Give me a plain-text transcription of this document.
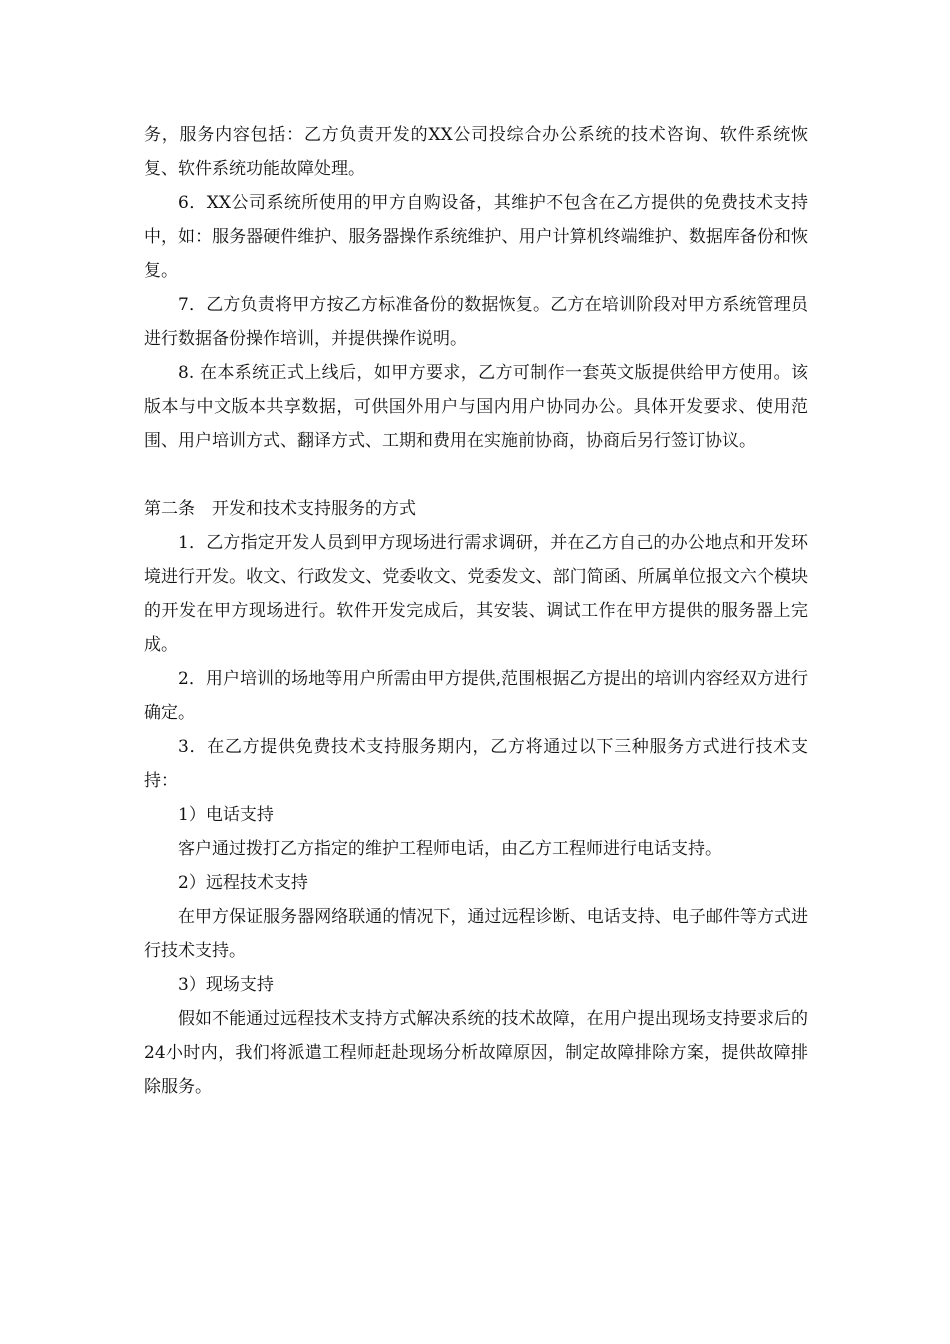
务，服务内容包括：乙方负责开发的XX公司投综合办公系统的技术咨询、软件系统恢复、软件系统功能故障处理。

6．XX公司系统所使用的甲方自购设备，其维护不包含在乙方提供的免费技术支持中，如：服务器硬件维护、服务器操作系统维护、用户计算机终端维护、数据库备份和恢复。

7．乙方负责将甲方按乙方标准备份的数据恢复。乙方在培训阶段对甲方系统管理员进行数据备份操作培训，并提供操作说明。

8. 在本系统正式上线后，如甲方要求，乙方可制作一套英文版提供给甲方使用。该版本与中文版本共享数据，可供国外用户与国内用户协同办公。具体开发要求、使用范围、用户培训方式、翻译方式、工期和费用在实施前协商，协商后另行签订协议。

第二条　开发和技术支持服务的方式

1．乙方指定开发人员到甲方现场进行需求调研，并在乙方自己的办公地点和开发环境进行开发。收文、行政发文、党委收文、党委发文、部门简函、所属单位报文六个模块的开发在甲方现场进行。软件开发完成后，其安装、调试工作在甲方提供的服务器上完成。

2．用户培训的场地等用户所需由甲方提供,范围根据乙方提出的培训内容经双方进行确定。

3．在乙方提供免费技术支持服务期内，乙方将通过以下三种服务方式进行技术支持：

1）电话支持

客户通过拨打乙方指定的维护工程师电话，由乙方工程师进行电话支持。

2）远程技术支持

在甲方保证服务器网络联通的情况下，通过远程诊断、电话支持、电子邮件等方式进行技术支持。

3）现场支持

假如不能通过远程技术支持方式解决系统的技术故障，在用户提出现场支持要求后的24小时内，我们将派遣工程师赶赴现场分析故障原因，制定故障排除方案，提供故障排除服务。
